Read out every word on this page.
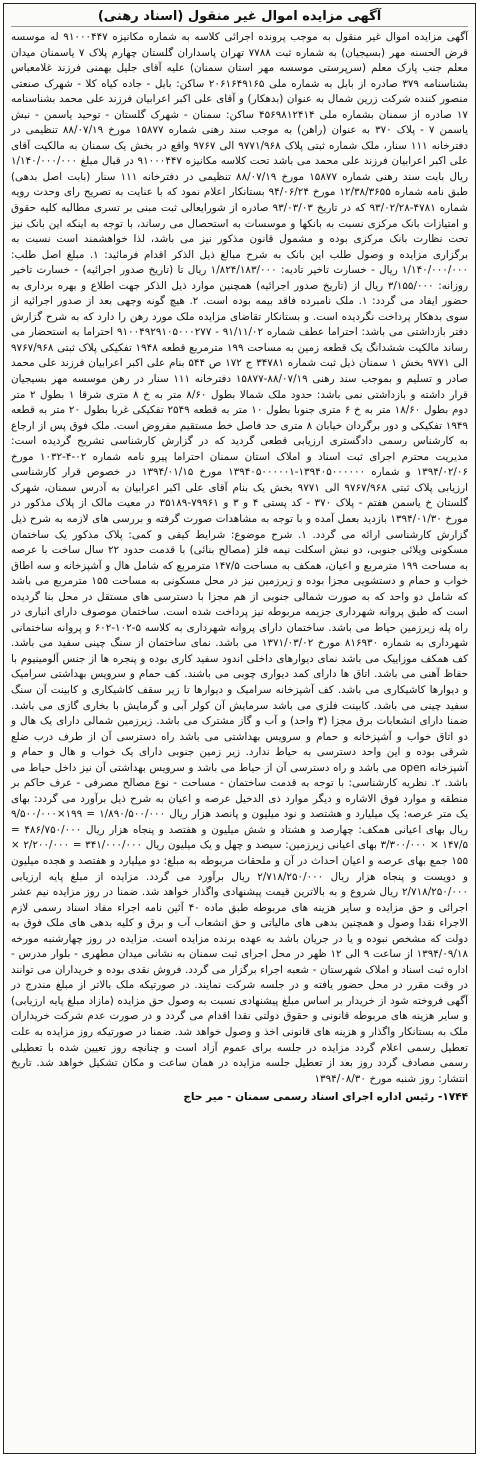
آگهی مزایده اموال غیر منقول (اسناد رهنی)

آگهی مزایده اموال غیر منقول به موجب پرونده اجرائی کلاسه به شماره مکانیزه ۹۱۰۰۰۴۴۷ له موسسه قرض الحسنه مهر (بسیجیان) به شماره ثبت ۷۷۸۸ تهران پاسداران گلستان چهارم پلاک ۷ یاسمنان میدان معلم جنب پارک معلم (سرپرستی موسسه مهر استان سمنان) علیه آقای جلیل بهمنی فرزند غلامعباس بشناسنامه ۳۷۹ صادره از بابل به شماره ملی ۲۰۶۱۶۴۹۱۶۵ ساکن: بابل - جاده کیاه کلا - شهرک صنعتی منصور کننده شرکت زرین شمال به عنوان (بدهکار) و آقای علی اکبر اعرابیان فرزند علی محمد بشناسنامه ۱۷ صادره از سمنان بشماره ملی ۴۵۶۹۸۱۲۴۱۴ ساکن: سمنان - شهرک گلستان - توحید یاسمن - نبش یاسمن ۷ - پلاک ۳۷۰ به عنوان (راهن) به موجب سند رهنی شماره ۱۵۸۷۷ مورخ ۸۸/۰۷/۱۹ تنظیمی در دفترخانه ۱۱۱ سنار، ملک شماره ثبتی پلاک ۹۷۷۱/۹۶۸ الی ۹۷۶۷ واقع در بخش یک سمنان به مالکیت آقای علی اکبر اعرابیان فرزند علی محمد می باشد تحت کلاسه مکانیزه ۹۱۰۰۰۴۴۷ در قبال مبلغ ۱/۱۴۰/۰۰۰/۰۰۰ ریال بابت سند رهنی شماره ۱۵۸۷۷ مورخ ۸۸/۰۷/۱۹ تنظیمی در دفترخانه ۱۱۱ سنار (بابت اصل بدهی) طبق نامه شماره ۱۲/۳۸/۳۶۵۵ مورخ ۹۴/۰۶/۲۴ بستانکار اعلام نمود که با عنایت به تصریح رای وحدت رویه شماره ۴۷۸۱-۹۳/۰۲/۲۸ که در تاریخ ۹۳/۰۳/۰۳ صادره از شورایعالی ثبت مبنی بر تسری مطالبه کلیه حقوق و امتیازات بانک مرکزی نسبت به بانکها و موسسات به استحصال می رساند، با توجه به اینکه این بانک نیز تحت نظارت بانک مرکزی بوده و مشمول قانون مذکور نیز می باشد، لذا خواهشمند است نسبت به برگزاری مزایده و وصول طلب این بانک به شرح مبالغ ذیل الذکر اقدام فرمائید: ۱. مبلغ اصل طلب: ۱/۱۴۰/۰۰۰/۰۰۰ ریال - خسارت تاخیر تادیه: ۱/۸۲۴/۱۸۳/۰۰۰ ریال تا (تاریخ صدور اجرائیه) - خسارت تاخیر روزانه: ۳/۱۵۵/۰۰۰ ریال از (تاریخ صدور اجرائیه) همچنین موارد ذیل الذکر جهت اطلاع و بهره برداری به حضور ایفاد می گردد: ۱. ملک نامبرده فاقد بیمه بوده است. ۲. هیچ گونه وجهی بعد از صدور اجرائیه از سوی بدهکار پرداخت نگردیده است. و بستانکار تقاضای مزایده ملک مورد رهن را دارد که به شرح گزارش دفتر بازداشتی می باشد: احتراما عطف شماره ۹۱/۱۱/۰۲ - ۹۱۰۰۴۹۲۹۱۰۵۰۰۰۲۷۷ احتراما به استحضار می رساند مالکیت ششدانگ یک قطعه زمین به مساحت ۱۹۹ مترمربع قطعه ۱۹۴۸ تفکیکی پلاک ثبتی ۹۷۶۷/۹۶۸ الی ۹۷۷۱ بخش ۱ سمنان ذیل ثبت شماره ۳۴۷۸۱ ج ۱۷۲ ص ۵۴۴ بنام علی اکبر اعرابیان فرزند علی محمد صادر و تسلیم و بموجب سند رهنی ۸۸/۰۷/۱۹-۱۵۸۷۷ دفترخانه ۱۱۱ سنار در رهن موسسه مهر بسیجیان قرار داشته و بازداشتی نمی باشد: حدود ملک شمالا بطول ۸/۶۰ متر به خ ۸ متری شرقا ۱ بطول ۲ متر دوم بطول ۱۸/۶۰ متر به خ ۶ متری جنوبا بطول ۱۰ متر به قطعه ۲۵۴۹ تفکیکی غربا بطول ۲۰ متر به قطعه ۱۹۴۹ تفکیکی و دور برگردان خیابان ۸ متری حد فاصل خط مستقیم مفروض است. ملک فوق پس از ارجاع به کارشناس رسمی دادگستری ارزیابی قطعی گردید که در گزارش کارشناسی تشریح گردیده است: مدیریت محترم اجرای ثبت اسناد و املاک استان سمنان احتراما پیرو نامه شماره ۰۲-۴-۱۰۳۲ مورخ ۱۳۹۴/۰۲/۰۶ و شماره ۱۳۹۴۰۵۰۰۰۰۰۰-۱۳۹۴۰۵۰۰۰۰۰۱ مورخ ۱۳۹۴/۰۱/۱۵ در خصوص قرار کارشناسی ارزیابی پلاک ثبتی ۹۷۶۷/۹۶۸ الی ۹۷۷۱ بخش یک بنام آقای علی اکبر اعرابیان به آدرس سمنان، شهرک گلستان خ یاسمن هفتم - پلاک ۳۷۰ - کد پستی ۴ و ۳ و ۷۹۹۶۱-۳۵۱۸۹ در معیت مالک از پلاک مذکور در مورخ ۱۳۹۴/۰۱/۳۰ بازدید بعمل آمده و با توجه به مشاهدات صورت گرفته و بررسی های لازمه به شرح ذیل گزارش کارشناسی ارائه می گردد. ۱. شرح موضوع: شرایط کیفی و کمی: پلاک مذکور یک ساختمان مسکونی ویلائی جنوبی، دو نبش اسکلت نیمه فلز (مصالح بنائی) با قدمت حدود ۲۲ سال ساخت با عرصه به مساحت ۱۹۹ مترمربع و اعیان، همکف به مساحت ۱۴۷/۵ مترمربع که شامل هال و آشپزخانه و سه اطاق خواب و حمام و دستشویی مجزا بوده و زیرزمین نیز در محل مسکونی به مساحت ۱۵۵ مترمربع می باشد که شامل دو واحد که به صورت شمالی جنوبی از هم مجزا با دسترسی های مستقل در محل بنا گردیده است که طبق پروانه شهرداری جزیمه مربوطه نیز پرداخت شده است. ساختمان موصوف دارای انباری در راه پله زیرزمین حیاط می باشد. ساختمان دارای پروانه شهرداری به کلاسه ۵-۱۰۲-۶۰۲ و پروانه ساختمانی شهرداری به شماره ۸۱۶۹۳۰ مورخ ۱۳۷۱/۰۳/۰۲ می باشد. نمای ساختمان از سنگ چینی سفید می باشد. کف همکف موزاییک می باشد نمای دیوارهای داخلی اندود سفید کاری بوده و پنجره ها از جنس آلومینیوم با حفاظ آهنی می باشد. اتاق ها دارای کمد دیواری چوبی می باشند. کف حمام و سرویس بهداشتی سرامیک و دیوارها کاشیکاری می باشد. کف آشپزخانه سرامیک و دیوارها تا زیر سقف کاشیکاری و کابینت آن سنگ سفید چینی می باشد. کابینت فلزی می باشد سرمایش آن کولر آبی و گرمایش با بخاری گازی می باشد. ضمنا دارای انشعابات برق مجزا (۳ واحد) و آب و گاز مشترک می باشد. زیرزمین شمالی دارای یک هال و دو اتاق خواب و آشپزخانه و حمام و سرویس بهداشتی می باشد راه دسترسی آن از طرف درب ضلع شرقی بوده و این واحد دسترسی به حیاط ندارد. زیر زمین جنوبی دارای یک خواب و هال و حمام و آشپزخانه open می باشد و راه دسترسی آن از حیاط می باشد و سرویس بهداشتی آن نیز داخل حیاط می باشد. ۲. نظریه کارشناسی: با توجه به قدمت ساختمان - مساحت - نوع مصالح مصرفی - عرف حاکم بر منطقه و موارد فوق الاشاره و دیگر موارد ذی الدخیل عرصه و اعیان به شرح ذیل برآورد می گردد: بهای یک متر عرصه: یک میلیارد و هشتصد و نود میلیون و پانصد هزار ریال ۱/۸۹۰/۵۰۰/۰۰۰ = ۱۹۹×۹/۵۰۰/۰۰۰ ریال بهای اعیانی همکف: چهارصد و هشتاد و شش میلیون و هفتصد و پنجاه هزار ریال ۴۸۶/۷۵۰/۰۰۰ = ۱۴۷/۵ × ۳/۳۰۰/۰۰۰ بهای اعیانی زیرزمین: سیصد و چهل و یک میلیون ریال ۳۴۱/۰۰۰/۰۰۰ = ۲/۲۰۰/۰۰۰ × ۱۵۵ جمع بهای عرصه و اعیان احداث در آن و ملحقات مربوطه به مبلغ: دو میلیارد و هفتصد و هجده میلیون و دویست و پنجاه هزار ریال ۲/۷۱۸/۲۵۰/۰۰۰ ریال برآورد می گردد. مزایده از مبلغ پایه ارزیابی ۲/۷۱۸/۲۵۰/۰۰۰ ریال شروع و به بالاترین قیمت پیشنهادی واگذار خواهد شد. ضمنا در روز مزایده نیم عشر اجرائی و حق مزایده و سایر هزینه های مربوطه طبق ماده ۴۰ آئین نامه اجراء مفاد اسناد رسمی لازم الاجراء نقدا وصول و همچنین بدهی های مالیاتی و حق انشعاب آب و برق و کلیه بدهی های ملک فوق به دولت که مشخص نبوده و یا در جریان باشد به عهده برنده مزایده است. مزایده در روز چهارشنبه مورخه ۱۳۹۴/۰۹/۱۸ از ساعت ۹ الی ۱۲ ظهر در محل اجرای ثبت سمنان به نشانی میدان مطهری - بلوار مدرس - اداره ثبت اسناد و املاک شهرستان - شعبه اجراء برگزار می گردد. فروش نقدی بوده و خریداران می توانند در وقت مقرر در محل حضور یافته و در جلسه شرکت نمایند. در صورتیکه ملک بالاتر از مبلغ مندرج در آگهی فروخته شود از خریدار بر اساس مبلغ پیشنهادی نسبت به وصول حق مزایده (مازاد مبلغ پایه ارزیابی) و سایر هزینه های مربوطه قانونی و حقوق دولتی نقدا اقدام می گردد و در صورت عدم شرکت خریداران ملک به بستانکار واگذار و هزینه های قانونی اخذ و وصول خواهد شد. ضمنا در صورتیکه روز مزایده به علت تعطیل رسمی اعلام گردد مزایده در جلسه برای عموم آزاد است و چنانچه روز تعیین شده با تعطیلی رسمی مصادف گردد روز بعد از تعطیل جلسه مزایده در همان ساعت و مکان تشکیل خواهد شد. تاریخ انتشار: روز شنبه مورخ ۱۳۹۴/۰۸/۳۰

۱۷۴۴- رئیس اداره اجرای اسناد رسمی سمنان - میر حاج
